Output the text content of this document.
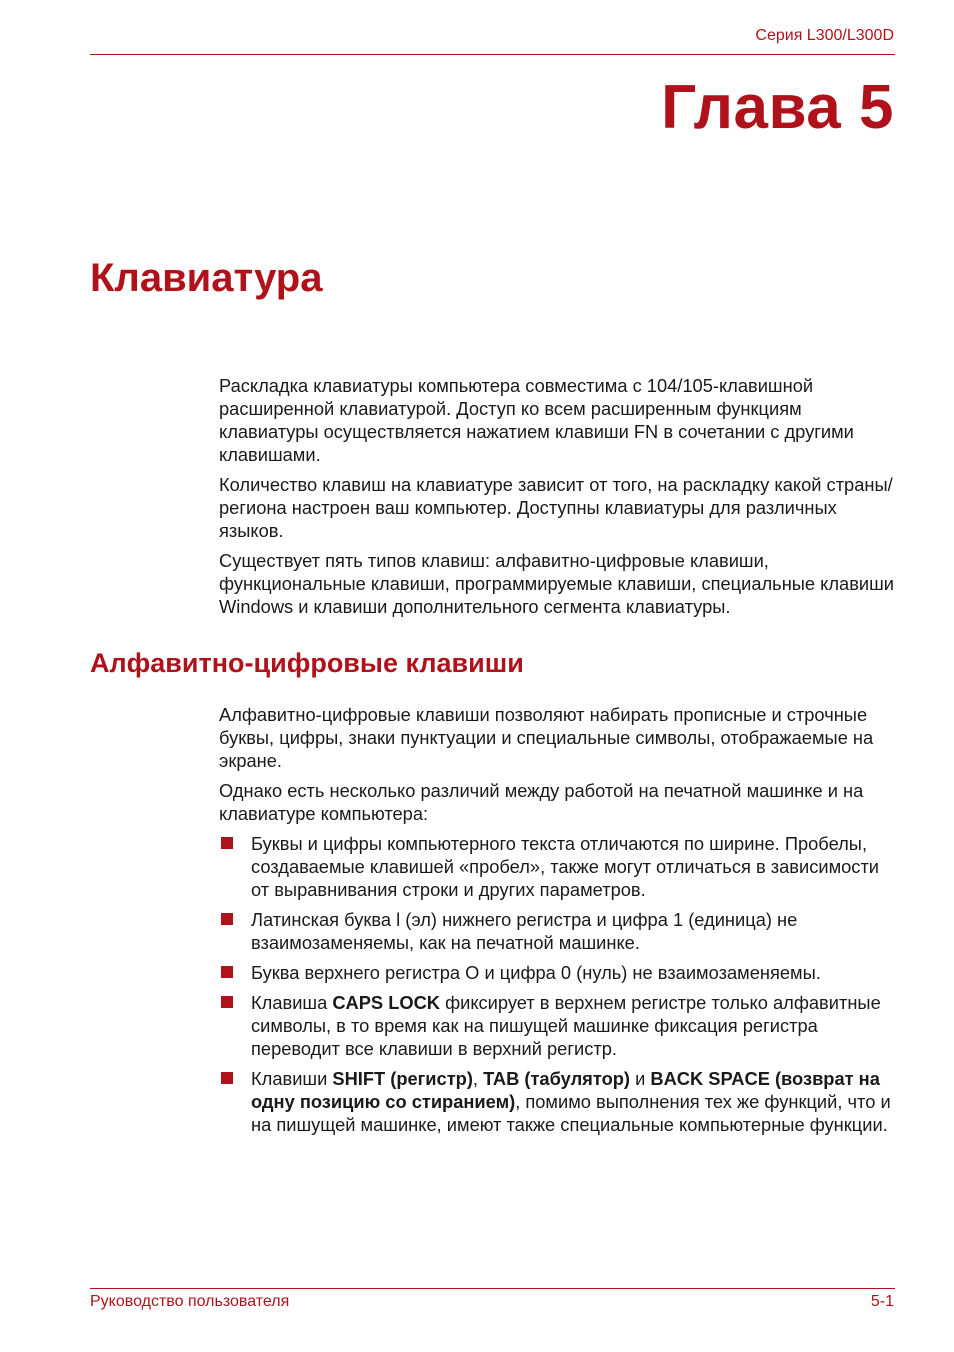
Серия L300/L300D
Глава 5
Клавиатура

Раскладка клавиатуры компьютера совместима с 104/105-клавишной расширенной клавиатурой. Доступ ко всем расширенным функциям клавиатуры осуществляется нажатием клавиши FN в сочетании с другими клавишами.

Количество клавиш на клавиатуре зависит от того, на раскладку какой страны/региона настроен ваш компьютер. Доступны клавиатуры для различных языков.

Существует пять типов клавиш: алфавитно-цифровые клавиши, функциональные клавиши, программируемые клавиши, специальные клавиши Windows и клавиши дополнительного сегмента клавиатуры.

Алфавитно-цифровые клавиши

Алфавитно-цифровые клавиши позволяют набирать прописные и строчные буквы, цифры, знаки пунктуации и специальные символы, отображаемые на экране.

Однако есть несколько различий между работой на печатной машинке и на клавиатуре компьютера:

Буквы и цифры компьютерного текста отличаются по ширине. Пробелы, создаваемые клавишей «пробел», также могут отличаться в зависимости от выравнивания строки и других параметров.
Латинская буква l (эл) нижнего регистра и цифра 1 (единица) не взаимозаменяемы, как на печатной машинке.
Буква верхнего регистра O и цифра 0 (нуль) не взаимозаменяемы.
Клавиша CAPS LOCK фиксирует в верхнем регистре только алфавитные символы, в то время как на пишущей машинке фиксация регистра переводит все клавиши в верхний регистр.
Клавиши SHIFT (регистр), TAB (табулятор) и BACK SPACE (возврат на одну позицию со стиранием), помимо выполнения тех же функций, что и на пишущей машинке, имеют также специальные компьютерные функции.
Руководство пользователя	5-1
